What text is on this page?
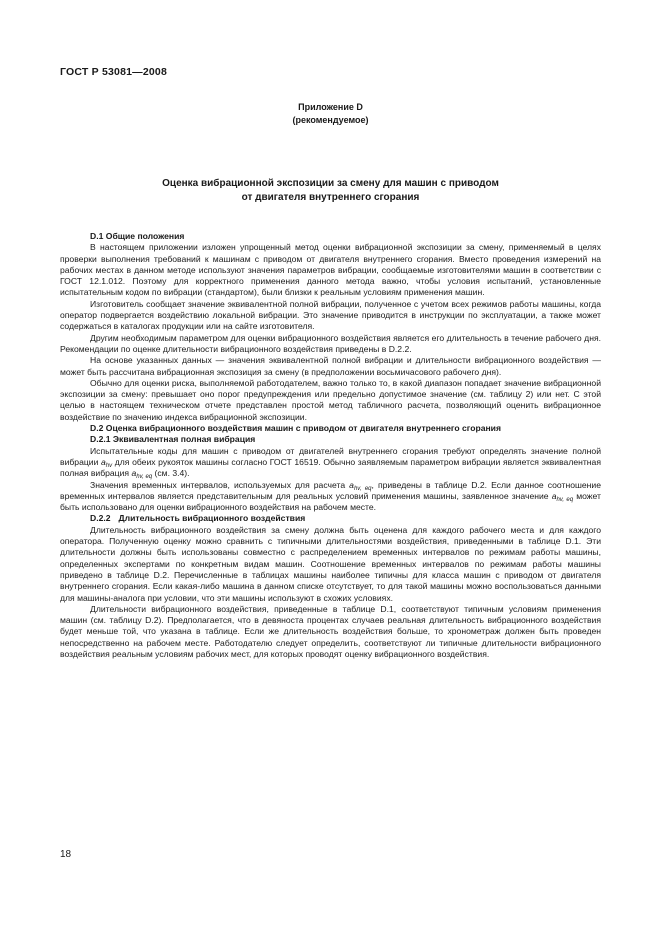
ГОСТ Р 53081—2008
Приложение D
(рекомендуемое)
Оценка вибрационной экспозиции за смену для машин с приводом
от двигателя внутреннего сгорания
D.1 Общие положения

В настоящем приложении изложен упрощенный метод оценки вибрационной экспозиции за смену, применяемый в целях проверки выполнения требований к машинам с приводом от двигателя внутреннего сгорания. Вместо проведения измерений на рабочих местах в данном методе используют значения параметров вибрации, сообщаемые изготовителями машин в соответствии с ГОСТ 12.1.012. Поэтому для корректного применения данного метода важно, чтобы условия испытаний, установленные испытательным кодом по вибрации (стандартом), были близки к реальным условиям применения машин.

Изготовитель сообщает значение эквивалентной полной вибрации, полученное с учетом всех режимов работы машины, когда оператор подвергается воздействию локальной вибрации. Это значение приводится в инструкции по эксплуатации, а также может содержаться в каталогах продукции или на сайте изготовителя.

Другим необходимым параметром для оценки вибрационного воздействия является его длительность в течение рабочего дня. Рекомендации по оценке длительности вибрационного воздействия приведены в D.2.2.

На основе указанных данных — значения эквивалентной полной вибрации и длительности вибрационного воздействия — может быть рассчитана вибрационная экспозиция за смену (в предположении восьмичасового рабочего дня).

Обычно для оценки риска, выполняемой работодателем, важно только то, в какой диапазон попадает значение вибрационной экспозиции за смену: превышает оно порог предупреждения или предельно допустимое значение (см. таблицу 2) или нет. С этой целью в настоящем техническом отчете представлен простой метод табличного расчета, позволяющий оценить вибрационное воздействие по значению индекса вибрационной экспозиции.

D.2 Оценка вибрационного воздействия машин с приводом от двигателя внутреннего сгорания
D.2.1 Эквивалентная полная вибрация

Испытательные коды для машин с приводом от двигателей внутреннего сгорания требуют определять значение полной вибрации $a_{hv}$ для обеих рукояток машины согласно ГОСТ 16519. Обычно заявляемым параметром вибрации является эквивалентная полная вибрация $a_{hv, eq}$ (см. 3.4).

Значения временных интервалов, используемых для расчета $a_{hv, eq}$, приведены в таблице D.2. Если данное соотношение временных интервалов является представительным для реальных условий применения машины, заявленное значение $a_{hv, eq}$ может быть использовано для оценки вибрационного воздействия на рабочем месте.

D.2.2 Длительность вибрационного воздействия

Длительность вибрационного воздействия за смену должна быть оценена для каждого рабочего места и для каждого оператора. Полученную оценку можно сравнить с типичными длительностями воздействия, приведенными в таблице D.1. Эти длительности должны быть использованы совместно с распределением временных интервалов по режимам работы машины, определенных экспертами по конкретным видам машин. Соотношение временных интервалов по режимам работы машины приведено в таблице D.2. Перечисленные в таблицах машины наиболее типичны для класса машин с приводом от двигателя внутреннего сгорания. Если какая-либо машина в данном списке отсутствует, то для такой машины можно воспользоваться данными для машины-аналога при условии, что эти машины используют в схожих условиях.

Длительности вибрационного воздействия, приведенные в таблице D.1, соответствуют типичным условиям применения машин (см. таблицу D.2). Предполагается, что в девяноста процентах случаев реальная длительность вибрационного воздействия будет меньше той, что указана в таблице. Если же длительность воздействия больше, то хронометраж должен быть проведен непосредственно на рабочем месте. Работодателю следует определить, соответствуют ли типичные длительности вибрационного воздействия реальным условиям рабочих мест, для которых проводят оценку вибрационного воздействия.

18
